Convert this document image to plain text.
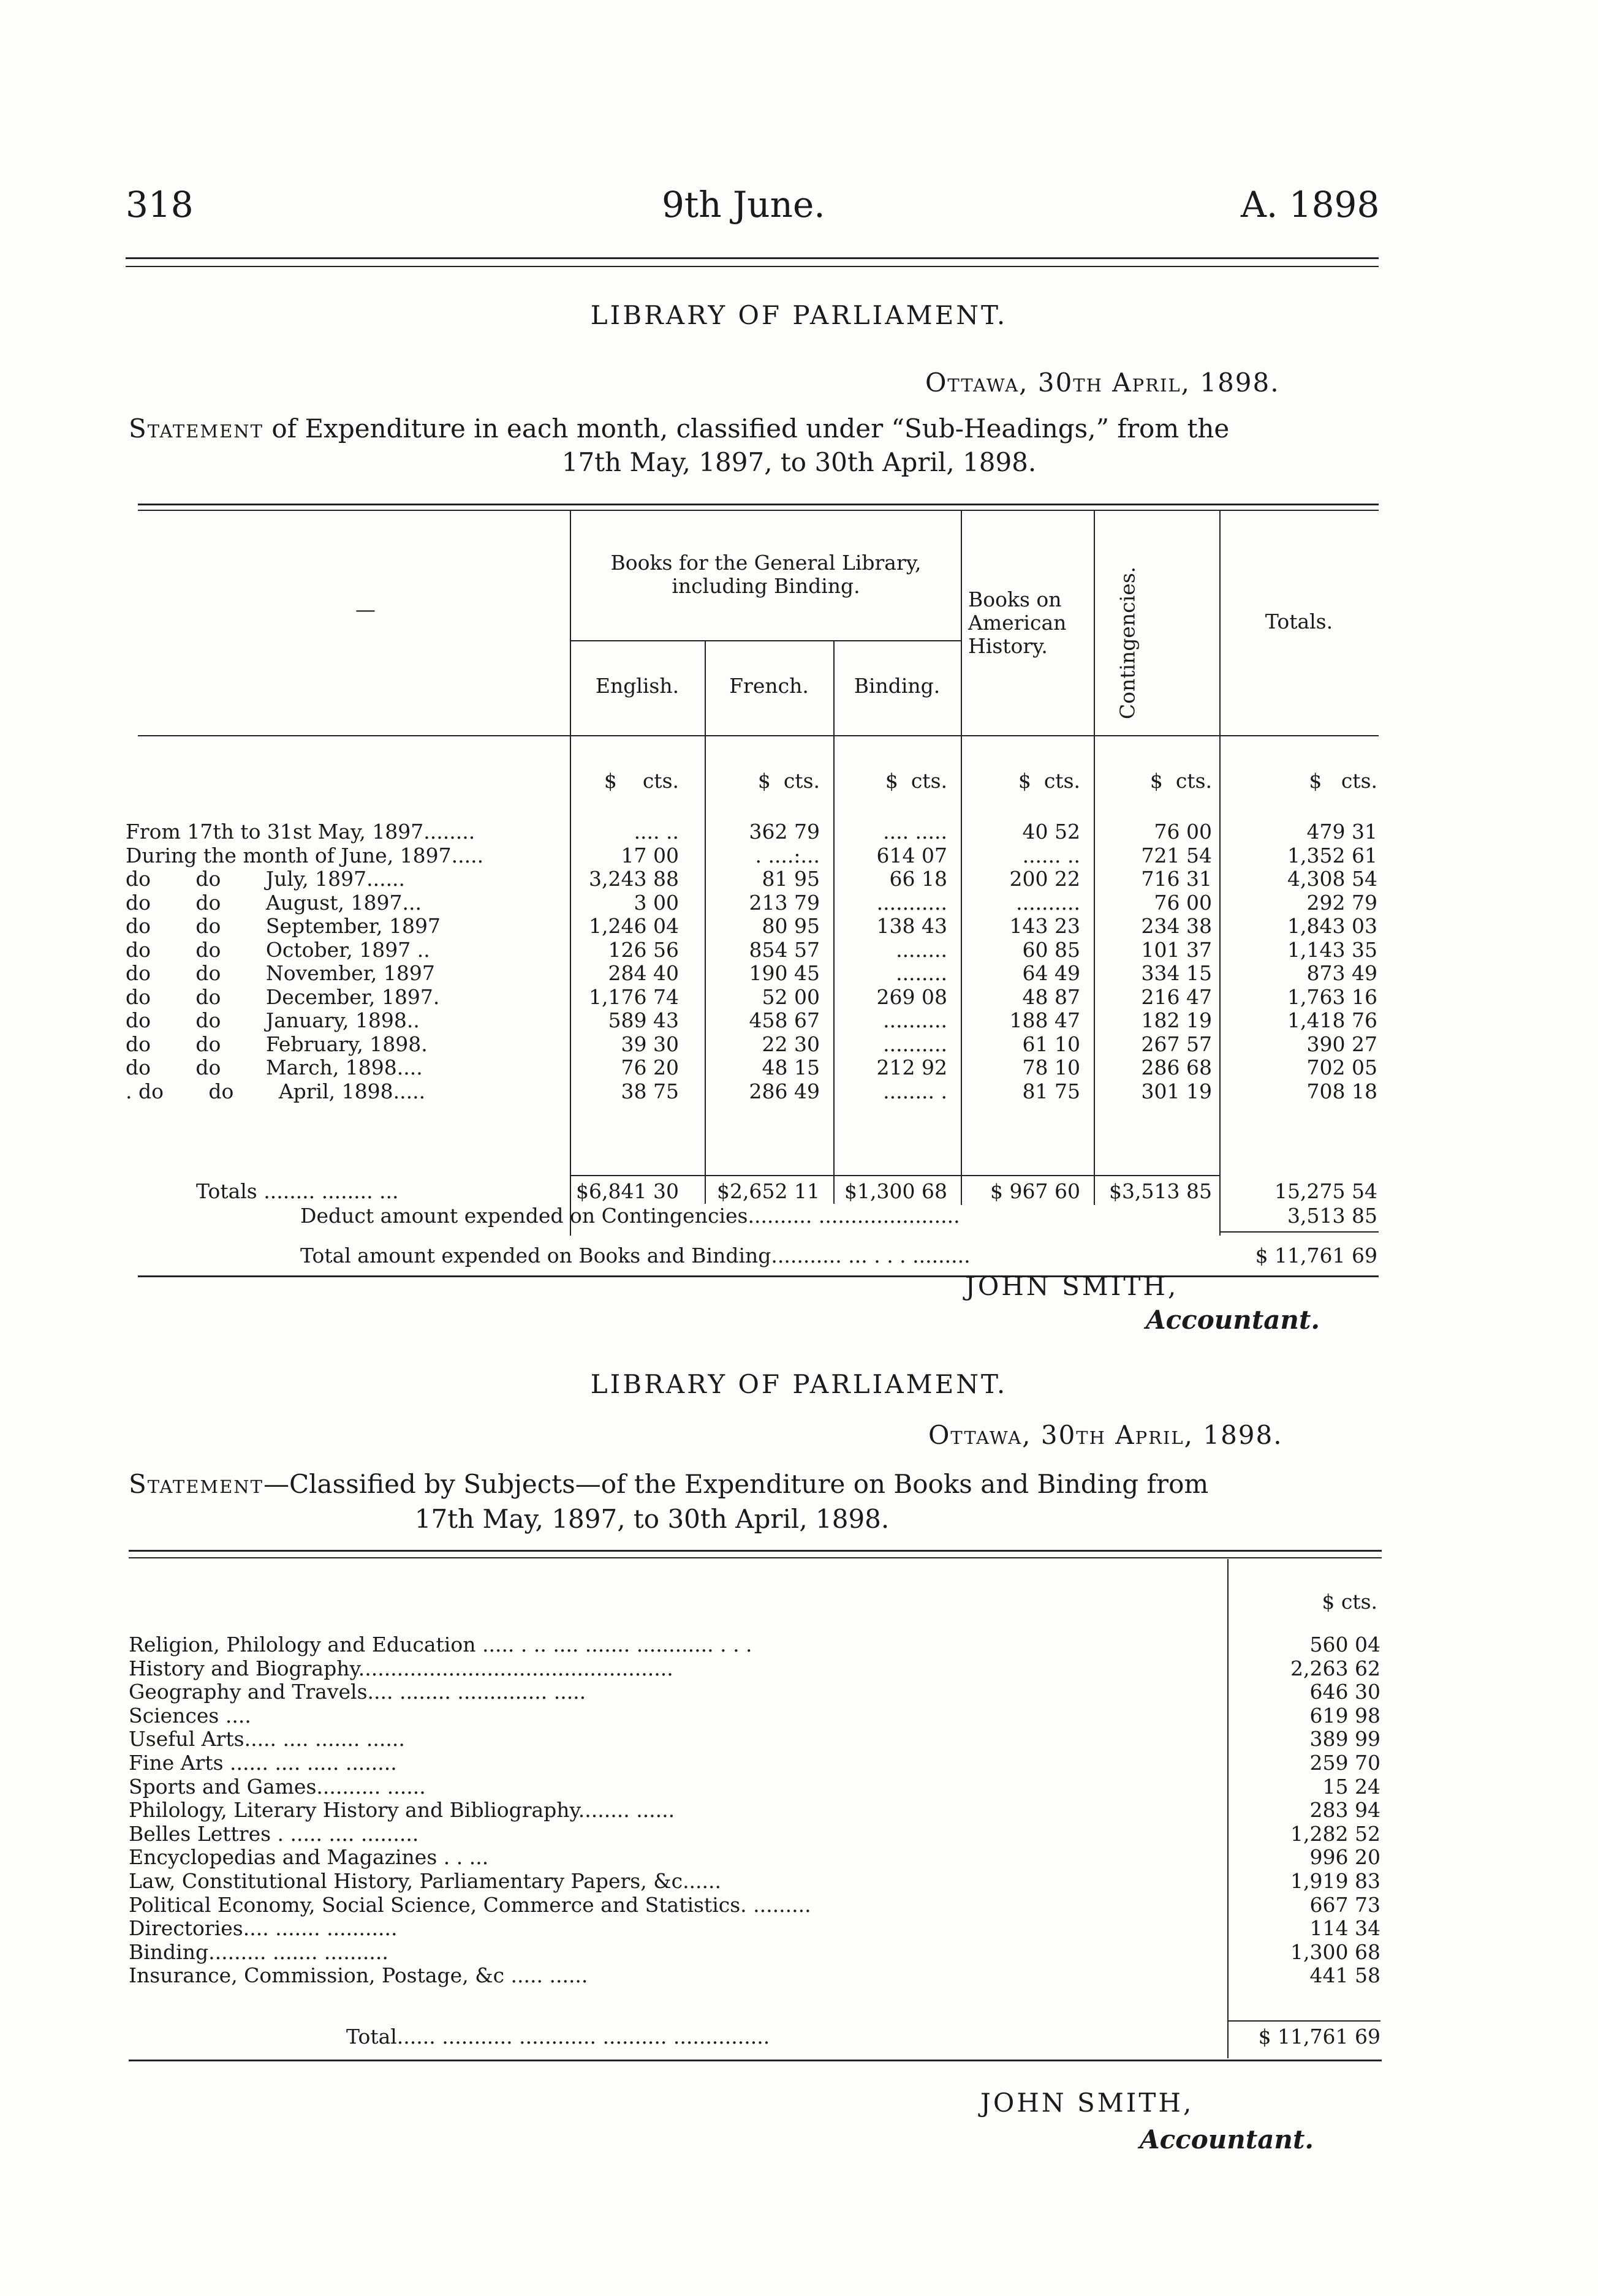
318	9th June.	A. 1898
LIBRARY OF PARLIAMENT.
Ottawa, 30th April, 1898.
Statement of Expenditure in each month, classified under “Sub-Headings,” from the
17th May, 1897, to 30th April, 1898.
—
Books for the General Library, including Binding.
English.	French.	Binding.
Books on American History.	Contingencies.	Totals.
$ cts.	$ cts.	$ cts.	$ cts.	$ cts.	$ cts.
From 17th to 31st May, 1897........	.... ..	362 79	.... .....	40 52	76 00	479 31
During the month of June, 1897.....	17 00	. ....:...	614 07	...... ..	721 54	1,352 61
do       do       July, 1897......	3,243 88	81 95	66 18	200 22	716 31	4,308 54
do       do       August, 1897...	3 00	213 79	...........	..........	76 00	292 79
do       do       September, 1897	1,246 04	80 95	138 43	143 23	234 38	1,843 03
do       do       October, 1897 ..	126 56	854 57	........	60 85	101 37	1,143 35
do       do       November, 1897	284 40	190 45	........	64 49	334 15	873 49
do       do       December, 1897.	1,176 74	52 00	269 08	48 87	216 47	1,763 16
do       do       January, 1898..	589 43	458 67	..........	188 47	182 19	1,418 76
do       do       February, 1898.	39 30	22 30	..........	61 10	267 57	390 27
do       do       March, 1898....	76 20	48 15	212 92	78 10	286 68	702 05
. do       do       April, 1898.....	38 75	286 49	........ .	81 75	301 19	708 18
Totals ........ ........ ...	$6,841 30 $2,652 11 $1,300 68 $ 967 60 $3,513 85	15,275 54
Deduct amount expended on Contingencies.......... ......................	3,513 85
Total amount expended on Books and Binding........... ... . . . .........	$ 11,761 69
JOHN SMITH,
Accountant.
LIBRARY OF PARLIAMENT.
Ottawa, 30th April, 1898.
Statement—Classified by Subjects—of the Expenditure on Books and Binding from
17th May, 1897, to 30th April, 1898.
$ cts.
Religion, Philology and Education ..... . .. .... ....... ............ . . .	560 04
History and Biography.................................................	2,263 62
Geography and Travels.... ........ .............. .....	646 30
Sciences ....	619 98
Useful Arts..... .... ....... ......	389 99
Fine Arts ...... .... ..... ........	259 70
Sports and Games.......... ......	15 24
Philology, Literary History and Bibliography........ ......	283 94
Belles Lettres . ..... .... .........	1,282 52
Encyclopedias and Magazines . . ...	996 20
Law, Constitutional History, Parliamentary Papers, &c......	1,919 83
Political Economy, Social Science, Commerce and Statistics. .........	667 73
Directories.... ....... ...........	114 34
Binding......... ....... ..........	1,300 68
Insurance, Commission, Postage, &c ..... ......	441 58
Total...... ........... ............ .......... ...............	$ 11,761 69
JOHN SMITH,
Accountant.
